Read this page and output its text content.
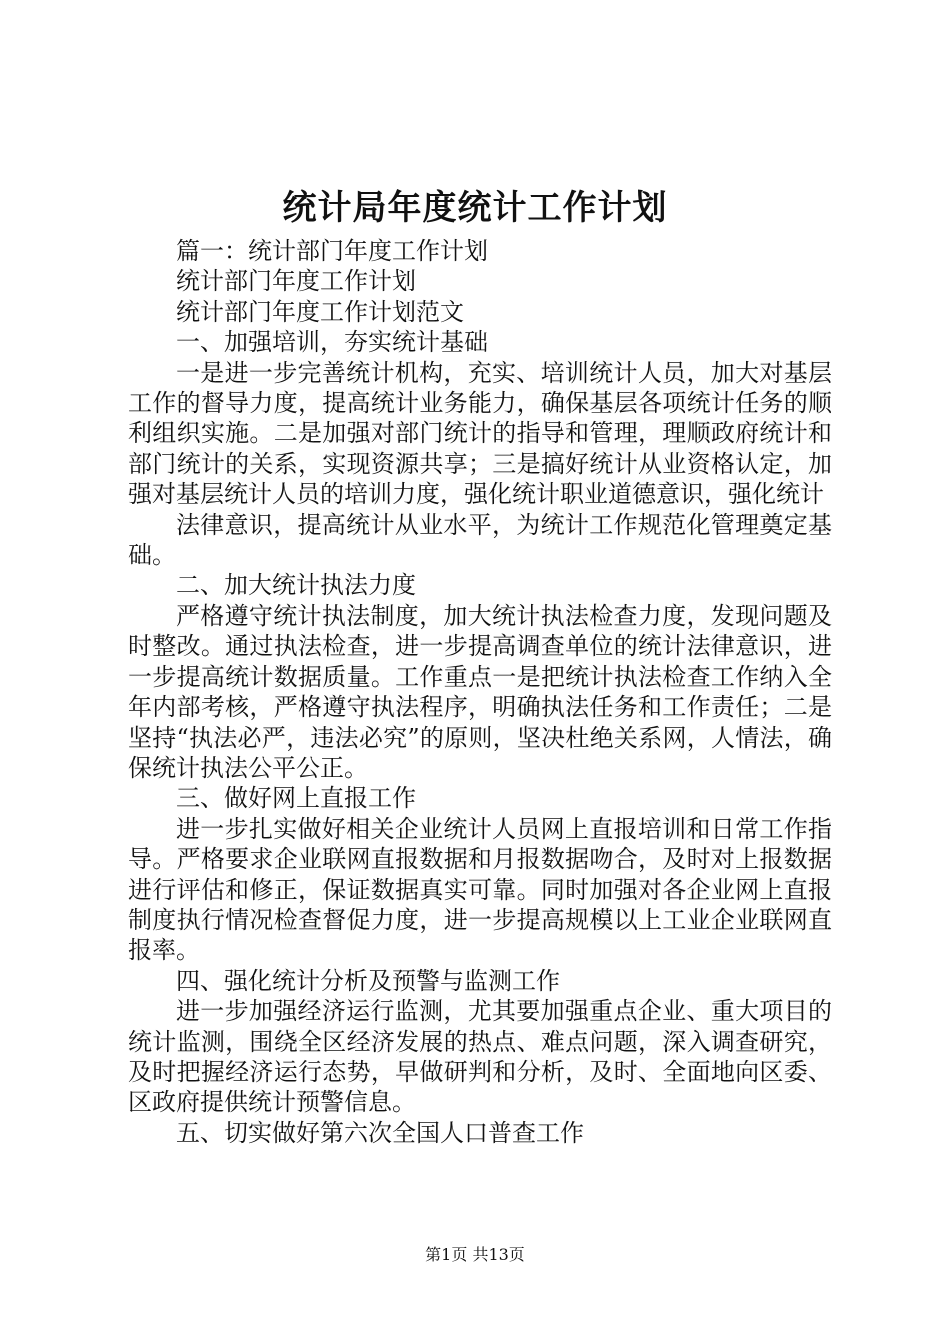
统计局年度统计工作计划

篇一：统计部门年度工作计划

统计部门年度工作计划

统计部门年度工作计划范文

一、加强培训，夯实统计基础

一是进一步完善统计机构，充实、培训统计人员，加大对基层工作的督导力度，提高统计业务能力，确保基层各项统计任务的顺利组织实施。二是加强对部门统计的指导和管理，理顺政府统计和部门统计的关系，实现资源共享；三是搞好统计从业资格认定，加强对基层统计人员的培训力度，强化统计职业道德意识，强化统计

法律意识，提高统计从业水平，为统计工作规范化管理奠定基础。

二、加大统计执法力度

严格遵守统计执法制度，加大统计执法检查力度，发现问题及时整改。通过执法检查，进一步提高调查单位的统计法律意识，进一步提高统计数据质量。工作重点一是把统计执法检查工作纳入全年内部考核，严格遵守执法程序，明确执法任务和工作责任；二是坚持“执法必严，违法必究”的原则，坚决杜绝关系网，人情法，确保统计执法公平公正。

三、做好网上直报工作

进一步扎实做好相关企业统计人员网上直报培训和日常工作指导。严格要求企业联网直报数据和月报数据吻合，及时对上报数据进行评估和修正，保证数据真实可靠。同时加强对各企业网上直报制度执行情况检查督促力度，进一步提高规模以上工业企业联网直报率。

四、强化统计分析及预警与监测工作

进一步加强经济运行监测，尤其要加强重点企业、重大项目的统计监测，围绕全区经济发展的热点、难点问题，深入调查研究，及时把握经济运行态势，早做研判和分析，及时、全面地向区委、区政府提供统计预警信息。

五、切实做好第六次全国人口普查工作

第1页 共13页
